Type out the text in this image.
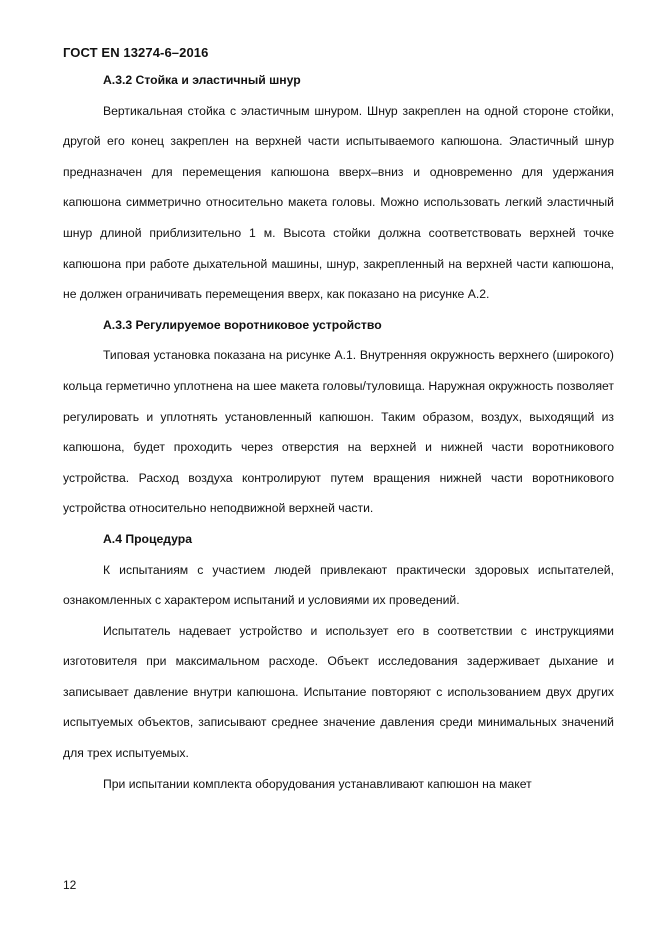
ГОСТ EN 13274-6–2016

А.3.2 Стойка и эластичный шнур

Вертикальная стойка с эластичным шнуром. Шнур закреплен на одной стороне стойки, другой его конец закреплен на верхней части испытываемого капюшона. Эластичный шнур предназначен для перемещения капюшона вверх–вниз и одновременно для удержания капюшона симметрично относительно макета головы. Можно использовать легкий эластичный шнур длиной приблизительно 1 м. Высота стойки должна соответствовать верхней точке капюшона при работе дыхательной машины, шнур, закрепленный на верхней части капюшона, не должен ограничивать перемещения вверх, как показано на рисунке А.2.

А.3.3 Регулируемое воротниковое устройство

Типовая установка показана на рисунке А.1. Внутренняя окружность верхнего (широкого) кольца герметично уплотнена на шее макета головы/туловища. Наружная окружность позволяет регулировать и уплотнять установленный капюшон. Таким образом, воздух, выходящий из капюшона, будет проходить через отверстия на верхней и нижней части воротникового устройства. Расход воздуха контролируют путем вращения нижней части воротникового устройства относительно неподвижной верхней части.

А.4 Процедура

К испытаниям с участием людей привлекают практически здоровых испытателей, ознакомленных с характером испытаний и условиями их проведений.

Испытатель надевает устройство и использует его в соответствии с инструкциями изготовителя при максимальном расходе. Объект исследования задерживает дыхание и записывает давление внутри капюшона. Испытание повторяют с использованием двух других испытуемых объектов, записывают среднее значение давления среди минимальных значений для трех испытуемых.

При испытании комплекта оборудования устанавливают капюшон на макет

12
